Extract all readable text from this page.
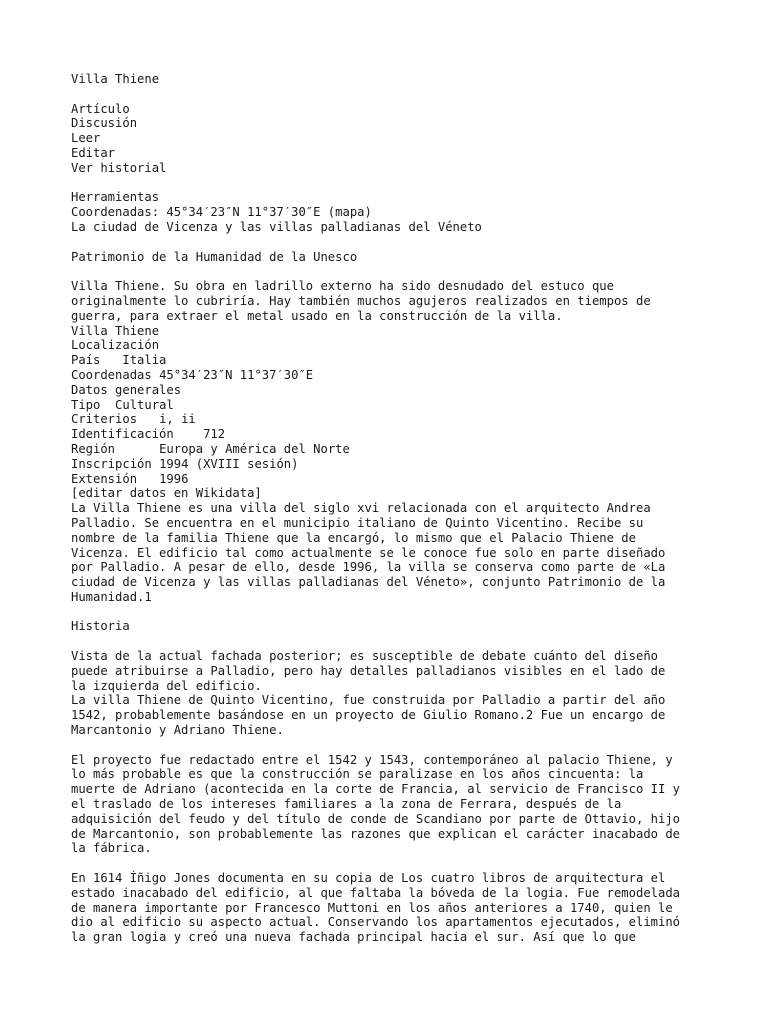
Villa Thiene
Artículo
Discusión
Leer
Editar
Ver historial
Herramientas
Coordenadas: 45°34′23″N 11°37′30″E (mapa)
La ciudad de Vicenza y las villas palladianas del Véneto
Patrimonio de la Humanidad de la Unesco
Villa Thiene. Su obra en ladrillo externo ha sido desnudado del estuco que
originalmente lo cubriría. Hay también muchos agujeros realizados en tiempos de
guerra, para extraer el metal usado en la construcción de la villa.
Villa Thiene
Localización
País Italia
Coordenadas 45°34′23″N 11°37′30″E
Datos generales
Tipo Cultural
Criterios i, ii
Identificación 712
Región	Europa y América del Norte
Inscripción 1994 (XVIII sesión)
Extensión 1996
[editar datos en Wikidata]
La Villa Thiene es una villa del siglo xvi relacionada con el arquitecto Andrea
Palladio. Se encuentra en el municipio italiano de Quinto Vicentino. Recibe su
nombre de la familia Thiene que la encargó, lo mismo que el Palacio Thiene de
Vicenza. El edificio tal como actualmente se le conoce fue solo en parte diseñado
por Palladio. A pesar de ello, desde 1996, la villa se conserva como parte de «La
ciudad de Vicenza y las villas palladianas del Véneto», conjunto Patrimonio de la
Humanidad.1
Historia
Vista de la actual fachada posterior; es susceptible de debate cuánto del diseño
puede atribuirse a Palladio, pero hay detalles palladianos visibles en el lado de
la izquierda del edificio.
La villa Thiene de Quinto Vicentino, fue construida por Palladio a partir del año
1542, probablemente basándose en un proyecto de Giulio Romano.2 Fue un encargo de
Marcantonio y Adriano Thiene.
El proyecto fue redactado entre el 1542 y 1543, contemporáneo al palacio Thiene, y
lo más probable es que la construcción se paralizase en los años cincuenta: la
muerte de Adriano (acontecida en la corte de Francia, al servicio de Francisco II y
el traslado de los intereses familiares a la zona de Ferrara, después de la
adquisición del feudo y del título de conde de Scandiano por parte de Ottavio, hijo
de Marcantonio, son probablemente las razones que explican el carácter inacabado de
la fábrica.
En 1614 Íñigo Jones documenta en su copia de Los cuatro libros de arquitectura el
estado inacabado del edificio, al que faltaba la bóveda de la logia. Fue remodelada
de manera importante por Francesco Muttoni en los años anteriores a 1740, quien le
dio al edificio su aspecto actual. Conservando los apartamentos ejecutados, eliminó
la gran logia y creó una nueva fachada principal hacia el sur. Así que lo que
